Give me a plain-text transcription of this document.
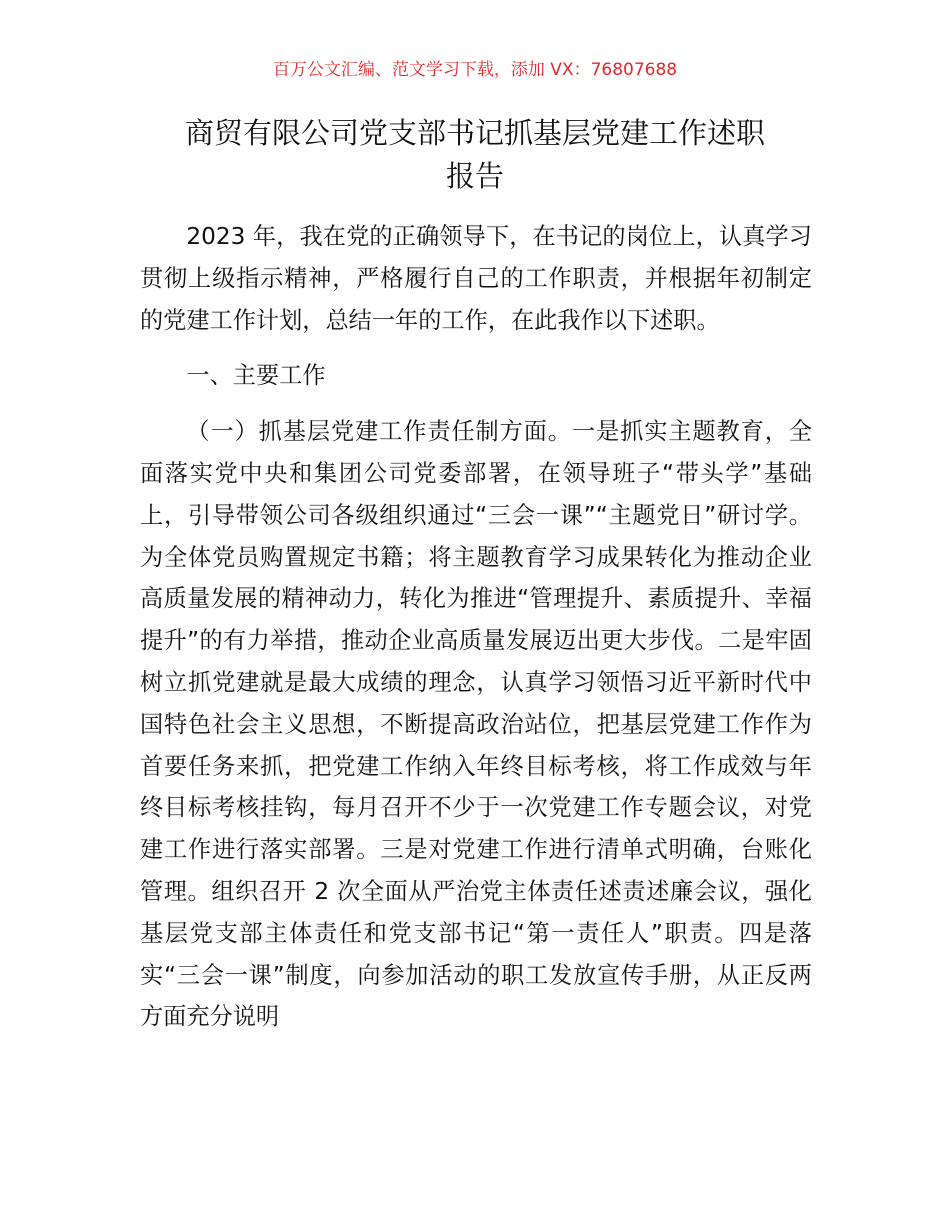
百万公文汇编、范文学习下载，添加 VX：76807688
商贸有限公司党支部书记抓基层党建工作述职
报告

2023 年，我在党的正确领导下，在书记的岗位上，认真学习贯彻上级指示精神，严格履行自己的工作职责，并根据年初制定的党建工作计划，总结一年的工作，在此我作以下述职。

一、主要工作

（一）抓基层党建工作责任制方面。一是抓实主题教育，全面落实党中央和集团公司党委部署，在领导班子“带头学”基础上，引导带领公司各级组织通过“三会一课”“主题党日”研讨学。为全体党员购置规定书籍；将主题教育学习成果转化为推动企业高质量发展的精神动力，转化为推进“管理提升、素质提升、幸福提升”的有力举措，推动企业高质量发展迈出更大步伐。二是牢固树立抓党建就是最大成绩的理念，认真学习领悟习近平新时代中国特色社会主义思想，不断提高政治站位，把基层党建工作作为首要任务来抓，把党建工作纳入年终目标考核，将工作成效与年终目标考核挂钩，每月召开不少于一次党建工作专题会议，对党建工作进行落实部署。三是对党建工作进行清单式明确，台账化管理。组织召开 2 次全面从严治党主体责任述责述廉会议，强化基层党支部主体责任和党支部书记“第一责任人”职责。四是落实“三会一课”制度，向参加活动的职工发放宣传手册，从正反两方面充分说明
